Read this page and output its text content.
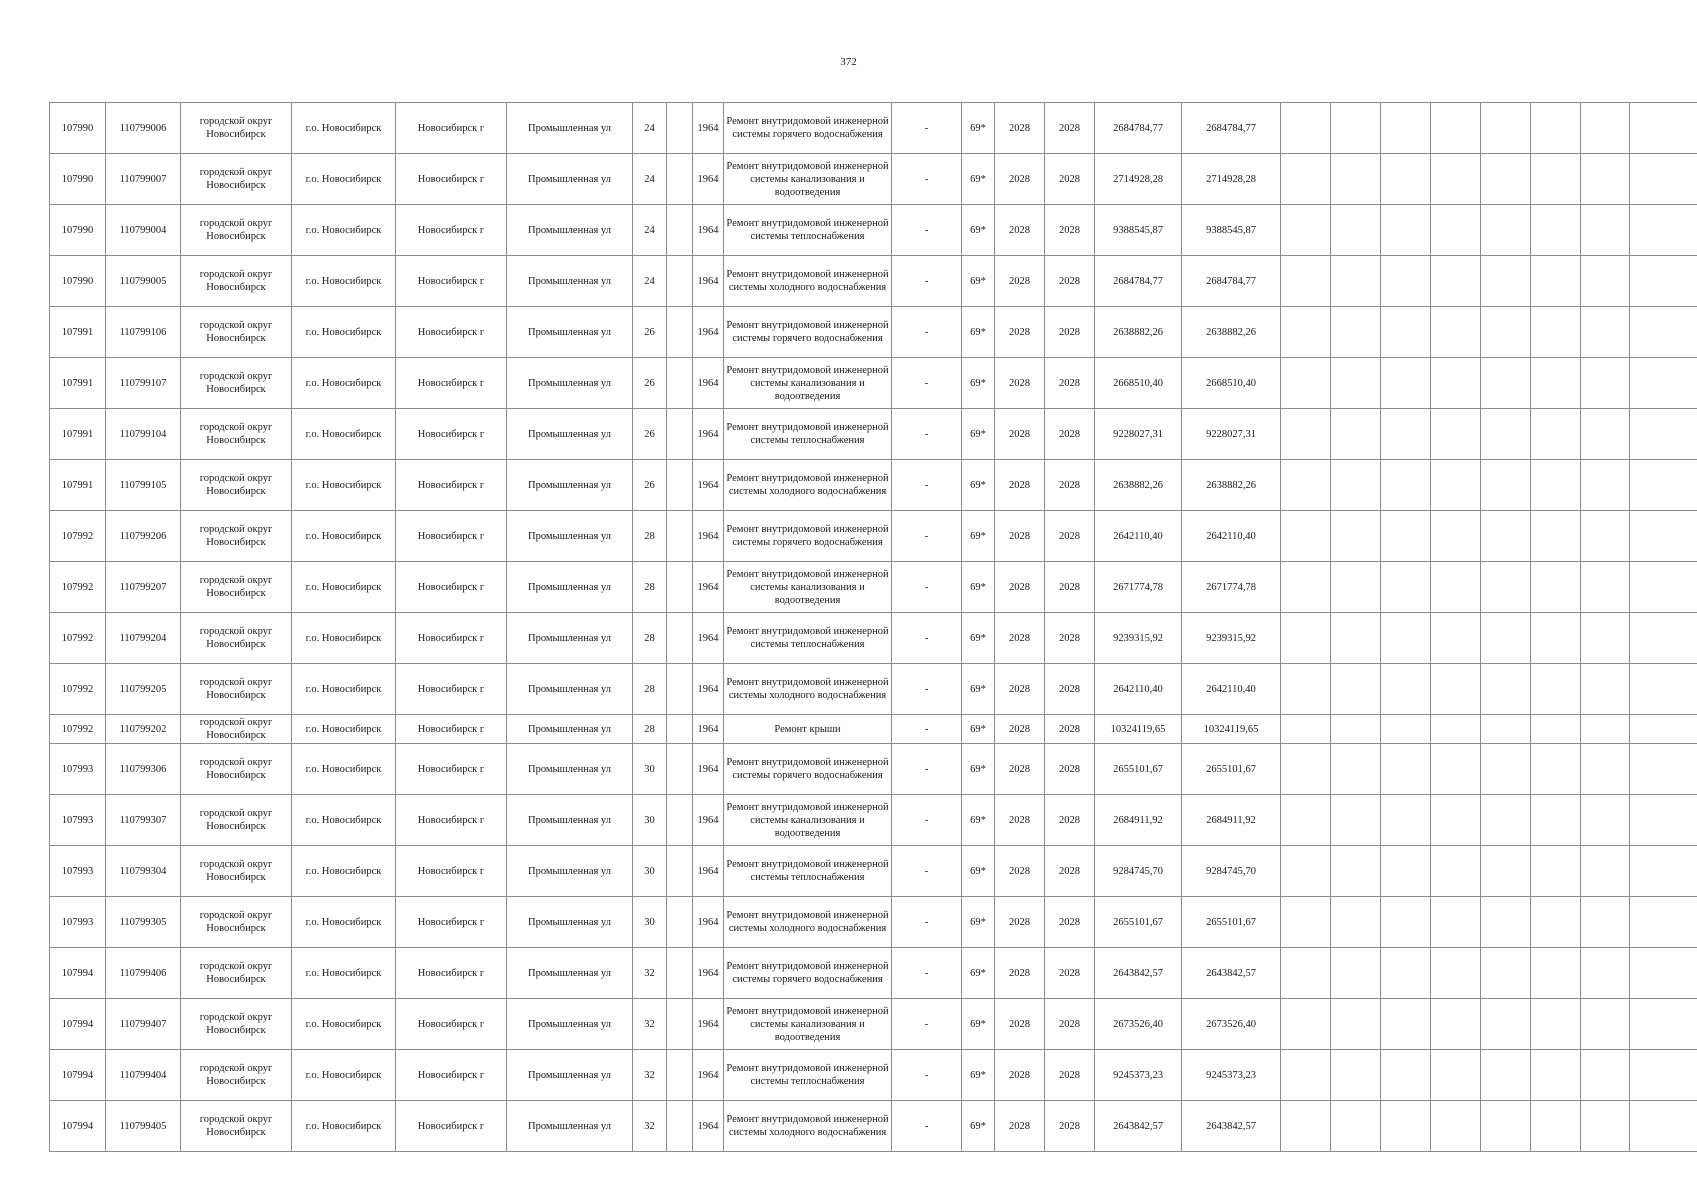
372
107990	110799006	городской округ Новосибирск	г.о. Новосибирск	Новосибирск г	Промышленная ул	24		1964	Ремонт внутридомовой инженерной системы горячего водоснабжения	-	69*	2028	2028	2684784,77	2684784,77								
107990	110799007	городской округ Новосибирск	г.о. Новосибирск	Новосибирск г	Промышленная ул	24		1964	Ремонт внутридомовой инженерной системы канализования и водоотведения	-	69*	2028	2028	2714928,28	2714928,28								
107990	110799004	городской округ Новосибирск	г.о. Новосибирск	Новосибирск г	Промышленная ул	24		1964	Ремонт внутридомовой инженерной системы теплоснабжения	-	69*	2028	2028	9388545,87	9388545,87								
107990	110799005	городской округ Новосибирск	г.о. Новосибирск	Новосибирск г	Промышленная ул	24		1964	Ремонт внутридомовой инженерной системы холодного водоснабжения	-	69*	2028	2028	2684784,77	2684784,77								
107991	110799106	городской округ Новосибирск	г.о. Новосибирск	Новосибирск г	Промышленная ул	26		1964	Ремонт внутридомовой инженерной системы горячего водоснабжения	-	69*	2028	2028	2638882,26	2638882,26								
107991	110799107	городской округ Новосибирск	г.о. Новосибирск	Новосибирск г	Промышленная ул	26		1964	Ремонт внутридомовой инженерной системы канализования и водоотведения	-	69*	2028	2028	2668510,40	2668510,40								
107991	110799104	городской округ Новосибирск	г.о. Новосибирск	Новосибирск г	Промышленная ул	26		1964	Ремонт внутридомовой инженерной системы теплоснабжения	-	69*	2028	2028	9228027,31	9228027,31								
107991	110799105	городской округ Новосибирск	г.о. Новосибирск	Новосибирск г	Промышленная ул	26		1964	Ремонт внутридомовой инженерной системы холодного водоснабжения	-	69*	2028	2028	2638882,26	2638882,26								
107992	110799206	городской округ Новосибирск	г.о. Новосибирск	Новосибирск г	Промышленная ул	28		1964	Ремонт внутридомовой инженерной системы горячего водоснабжения	-	69*	2028	2028	2642110,40	2642110,40								
107992	110799207	городской округ Новосибирск	г.о. Новосибирск	Новосибирск г	Промышленная ул	28		1964	Ремонт внутридомовой инженерной системы канализования и водоотведения	-	69*	2028	2028	2671774,78	2671774,78								
107992	110799204	городской округ Новосибирск	г.о. Новосибирск	Новосибирск г	Промышленная ул	28		1964	Ремонт внутридомовой инженерной системы теплоснабжения	-	69*	2028	2028	9239315,92	9239315,92								
107992	110799205	городской округ Новосибирск	г.о. Новосибирск	Новосибирск г	Промышленная ул	28		1964	Ремонт внутридомовой инженерной системы холодного водоснабжения	-	69*	2028	2028	2642110,40	2642110,40								
107992	110799202	городской округ Новосибирск	г.о. Новосибирск	Новосибирск г	Промышленная ул	28		1964	Ремонт крыши	-	69*	2028	2028	10324119,65	10324119,65								
107993	110799306	городской округ Новосибирск	г.о. Новосибирск	Новосибирск г	Промышленная ул	30		1964	Ремонт внутридомовой инженерной системы горячего водоснабжения	-	69*	2028	2028	2655101,67	2655101,67								
107993	110799307	городской округ Новосибирск	г.о. Новосибирск	Новосибирск г	Промышленная ул	30		1964	Ремонт внутридомовой инженерной системы канализования и водоотведения	-	69*	2028	2028	2684911,92	2684911,92								
107993	110799304	городской округ Новосибирск	г.о. Новосибирск	Новосибирск г	Промышленная ул	30		1964	Ремонт внутридомовой инженерной системы теплоснабжения	-	69*	2028	2028	9284745,70	9284745,70								
107993	110799305	городской округ Новосибирск	г.о. Новосибирск	Новосибирск г	Промышленная ул	30		1964	Ремонт внутридомовой инженерной системы холодного водоснабжения	-	69*	2028	2028	2655101,67	2655101,67								
107994	110799406	городской округ Новосибирск	г.о. Новосибирск	Новосибирск г	Промышленная ул	32		1964	Ремонт внутридомовой инженерной системы горячего водоснабжения	-	69*	2028	2028	2643842,57	2643842,57								
107994	110799407	городской округ Новосибирск	г.о. Новосибирск	Новосибирск г	Промышленная ул	32		1964	Ремонт внутридомовой инженерной системы канализования и водоотведения	-	69*	2028	2028	2673526,40	2673526,40								
107994	110799404	городской округ Новосибирск	г.о. Новосибирск	Новосибирск г	Промышленная ул	32		1964	Ремонт внутридомовой инженерной системы теплоснабжения	-	69*	2028	2028	9245373,23	9245373,23								
107994	110799405	городской округ Новосибирск	г.о. Новосибирск	Новосибирск г	Промышленная ул	32		1964	Ремонт внутридомовой инженерной системы холодного водоснабжения	-	69*	2028	2028	2643842,57	2643842,57								
